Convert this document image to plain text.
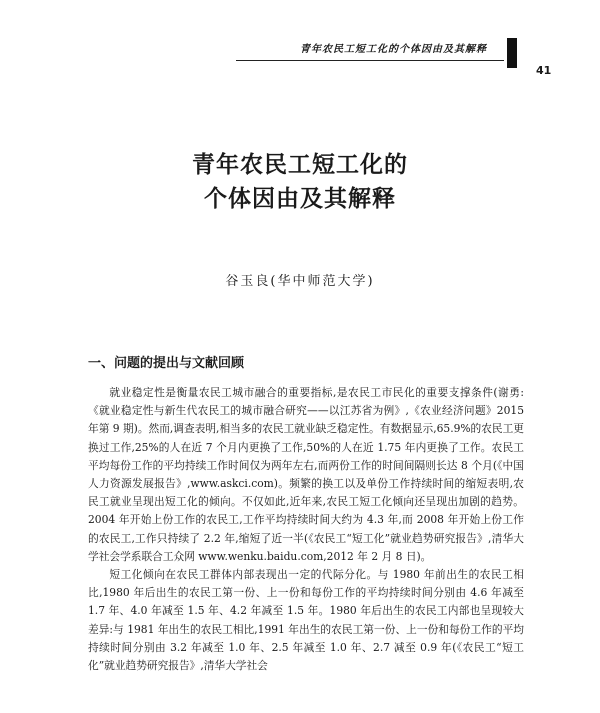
青年农民工短工化的个体因由及其解释
41
青年农民工短工化的
个体因由及其解释
谷玉良(华中师范大学)
一、问题的提出与文献回顾

就业稳定性是衡量农民工城市融合的重要指标,是农民工市民化的重要支撑条件(谢勇:《就业稳定性与新生代农民工的城市融合研究——以江苏省为例》,《农业经济问题》2015 年第 9 期)。然而,调查表明,相当多的农民工就业缺乏稳定性。有数据显示,65.9%的农民工更换过工作,25%的人在近 7 个月内更换了工作,50%的人在近 1.75 年内更换了工作。农民工平均每份工作的平均持续工作时间仅为两年左右,而两份工作的时间间隔则长达 8 个月(《中国人力资源发展报告》,www.askci.com)。频繁的换工以及单份工作持续时间的缩短表明,农民工就业呈现出短工化的倾向。不仅如此,近年来,农民工短工化倾向还呈现出加剧的趋势。2004 年开始上份工作的农民工,工作平均持续时间大约为 4.3 年,而 2008 年开始上份工作的农民工,工作只持续了 2.2 年,缩短了近一半(《农民工“短工化”就业趋势研究报告》,清华大学社会学系联合工众网 www.wenku.baidu.com,2012 年 2 月 8 日)。

短工化倾向在农民工群体内部表现出一定的代际分化。与 1980 年前出生的农民工相比,1980 年后出生的农民工第一份、上一份和每份工作的平均持续时间分别由 4.6 年减至 1.7 年、4.0 年减至 1.5 年、4.2 年减至 1.5 年。1980 年后出生的农民工内部也呈现较大差异:与 1981 年出生的农民工相比,1991 年出生的农民工第一份、上一份和每份工作的平均持续时间分别由 3.2 年减至 1.0 年、2.5 年减至 1.0 年、2.7 减至 0.9 年(《农民工“短工化”就业趋势研究报告》,清华大学社会
